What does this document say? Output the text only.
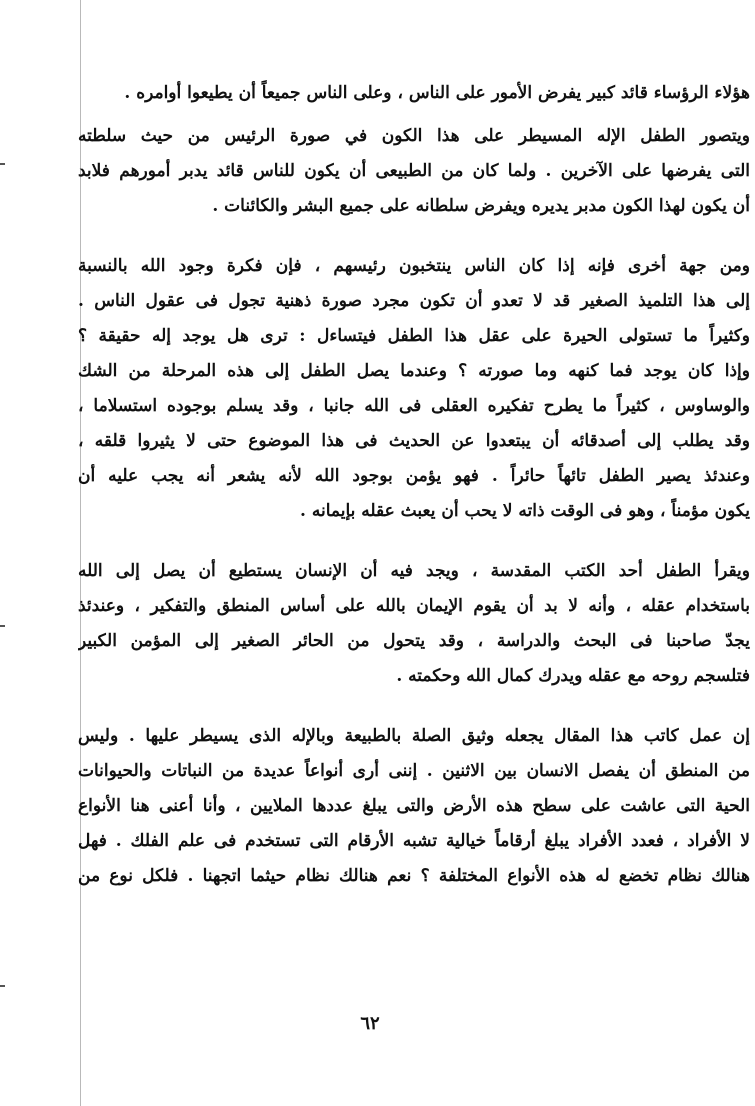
هؤلاء الرؤساء قائد كبير يفرض الأمور على الناس ، وعلى الناس جميعاً أن يطيعوا أوامره .

ويتصور الطفل الإله المسيطر على هذا الكون في صورة الرئيس من حيث سلطته
التى يفرضها على الآخرين . ولما كان من الطبيعى أن يكون للناس قائد يدبر أمورهم فلابد
أن يكون لهذا الكون مدبر يديره ويفرض سلطانه على جميع البشر والكائنات .

ومن جهة أخرى فإنه إذا كان الناس ينتخبون رئيسهم ، فإن فكرة وجود الله بالنسبة
إلى هذا التلميذ الصغير قد لا تعدو أن تكون مجرد صورة ذهنية تجول فى عقول الناس .
وكثيراً ما تستولى الحيرة على عقل هذا الطفل فيتساءل : ترى هل يوجد إله حقيقة ؟
وإذا كان يوجد فما كنهه وما صورته ؟ وعندما يصل الطفل إلى هذه المرحلة من الشك
والوساوس ، كثيراً ما يطرح تفكيره العقلى فى الله جانبا ، وقد يسلم بوجوده استسلاما ،
وقد يطلب إلى أصدقائه أن يبتعدوا عن الحديث فى هذا الموضوع حتى لا يثيروا قلقه ،
وعندئذ يصير الطفل تائهاً حائراً . فهو يؤمن بوجود الله لأنه يشعر أنه يجب عليه أن
يكون مؤمناً ، وهو فى الوقت ذاته لا يحب أن يعبث عقله بإيمانه .

ويقرأ الطفل أحد الكتب المقدسة ، ويجد فيه أن الإنسان يستطيع أن يصل إلى الله
باستخدام عقله ، وأنه لا بد أن يقوم الإيمان بالله على أساس المنطق والتفكير ، وعندئذ
يجدّ صاحبنا فى البحث والدراسة ، وقد يتحول من الحائر الصغير إلى المؤمن الكبير
فتلسجم روحه مع عقله ويدرك كمال الله وحكمته .

إن عمل كاتب هذا المقال يجعله وثيق الصلة بالطبيعة وبالإله الذى يسيطر عليها . وليس
من المنطق أن يفصل الانسان بين الاثنين . إننى أرى أنواعاً عديدة من النباتات والحيوانات
الحية التى عاشت على سطح هذه الأرض والتى يبلغ عددها الملايين ، وأنا أعنى هنا الأنواع
لا الأفراد ، فعدد الأفراد يبلغ أرقاماً خيالية تشبه الأرقام التى تستخدم فى علم الفلك . فهل
هنالك نظام تخضع له هذه الأنواع المختلفة ؟ نعم هنالك نظام حيثما اتجهنا . فلكل نوع من

٦٢
